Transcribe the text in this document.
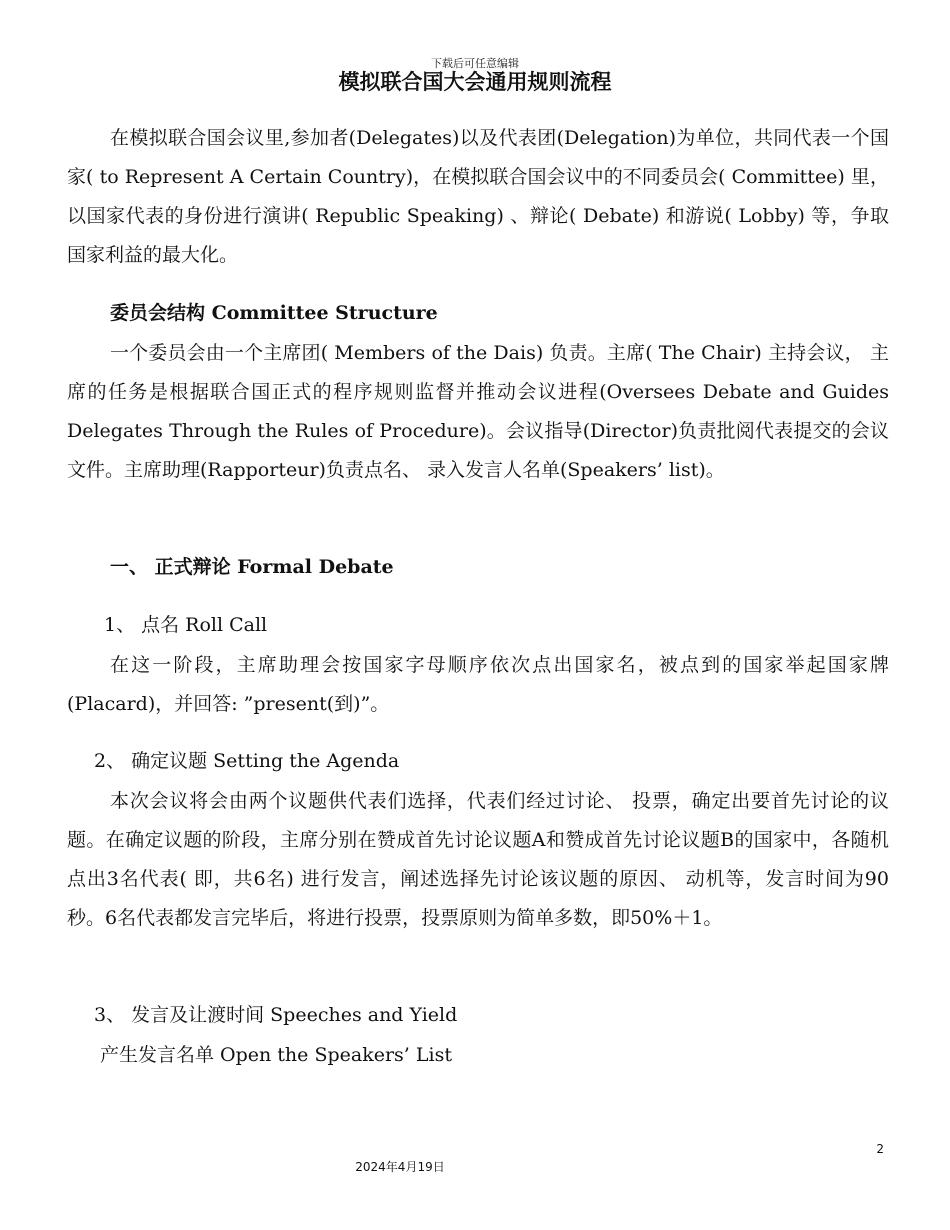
下载后可任意编辑
模拟联合国大会通用规则流程
在模拟联合国会议里,参加者(Delegates)以及代表团(Delegation)为单位，共同代表一个国家( to Represent A Certain Country)，在模拟联合国会议中的不同委员会( Committee) 里，以国家代表的身份进行演讲( Republic Speaking) 、辩论( Debate) 和游说( Lobby) 等，争取国家利益的最大化。
委员会结构 Committee Structure
一个委员会由一个主席团( Members of the Dais) 负责。主席( The Chair) 主持会议， 主席的任务是根据联合国正式的程序规则监督并推动会议进程(Oversees Debate and Guides Delegates Through the Rules of Procedure)。会议指导(Director)负责批阅代表提交的会议文件。主席助理(Rapporteur)负责点名、 录入发言人名单(Speakers’ list)。
一、 正式辩论 Formal Debate
1、 点名 Roll Call
在这一阶段，主席助理会按国家字母顺序依次点出国家名，被点到的国家举起国家牌(Placard)，并回答: ”present(到)”。
2、 确定议题 Setting the Agenda
本次会议将会由两个议题供代表们选择，代表们经过讨论、 投票，确定出要首先讨论的议题。在确定议题的阶段，主席分别在赞成首先讨论议题A和赞成首先讨论议题B的国家中，各随机点出3名代表( 即，共6名) 进行发言，阐述选择先讨论该议题的原因、 动机等，发言时间为90秒。6名代表都发言完毕后，将进行投票，投票原则为简单多数，即50%＋1。
3、 发言及让渡时间 Speeches and Yield
产生发言名单 Open the Speakers’ List
2
2024年4月19日
